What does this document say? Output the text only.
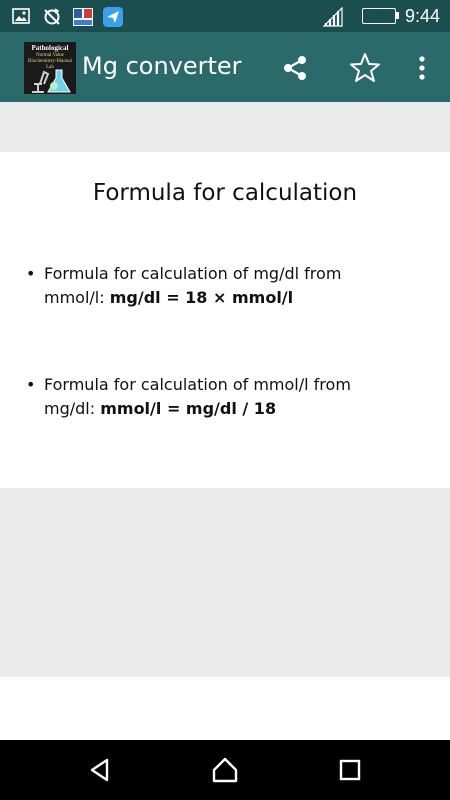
94% 9:44
Pathological
Normal Value Biochemistry-Manual Lab	Mg converter
Formula for calculation
• Formula for calculation of mg/dl from mmol/l: mg/dl = 18 × mmol/l
• Formula for calculation of mmol/l from mg/dl: mmol/l = mg/dl / 18
